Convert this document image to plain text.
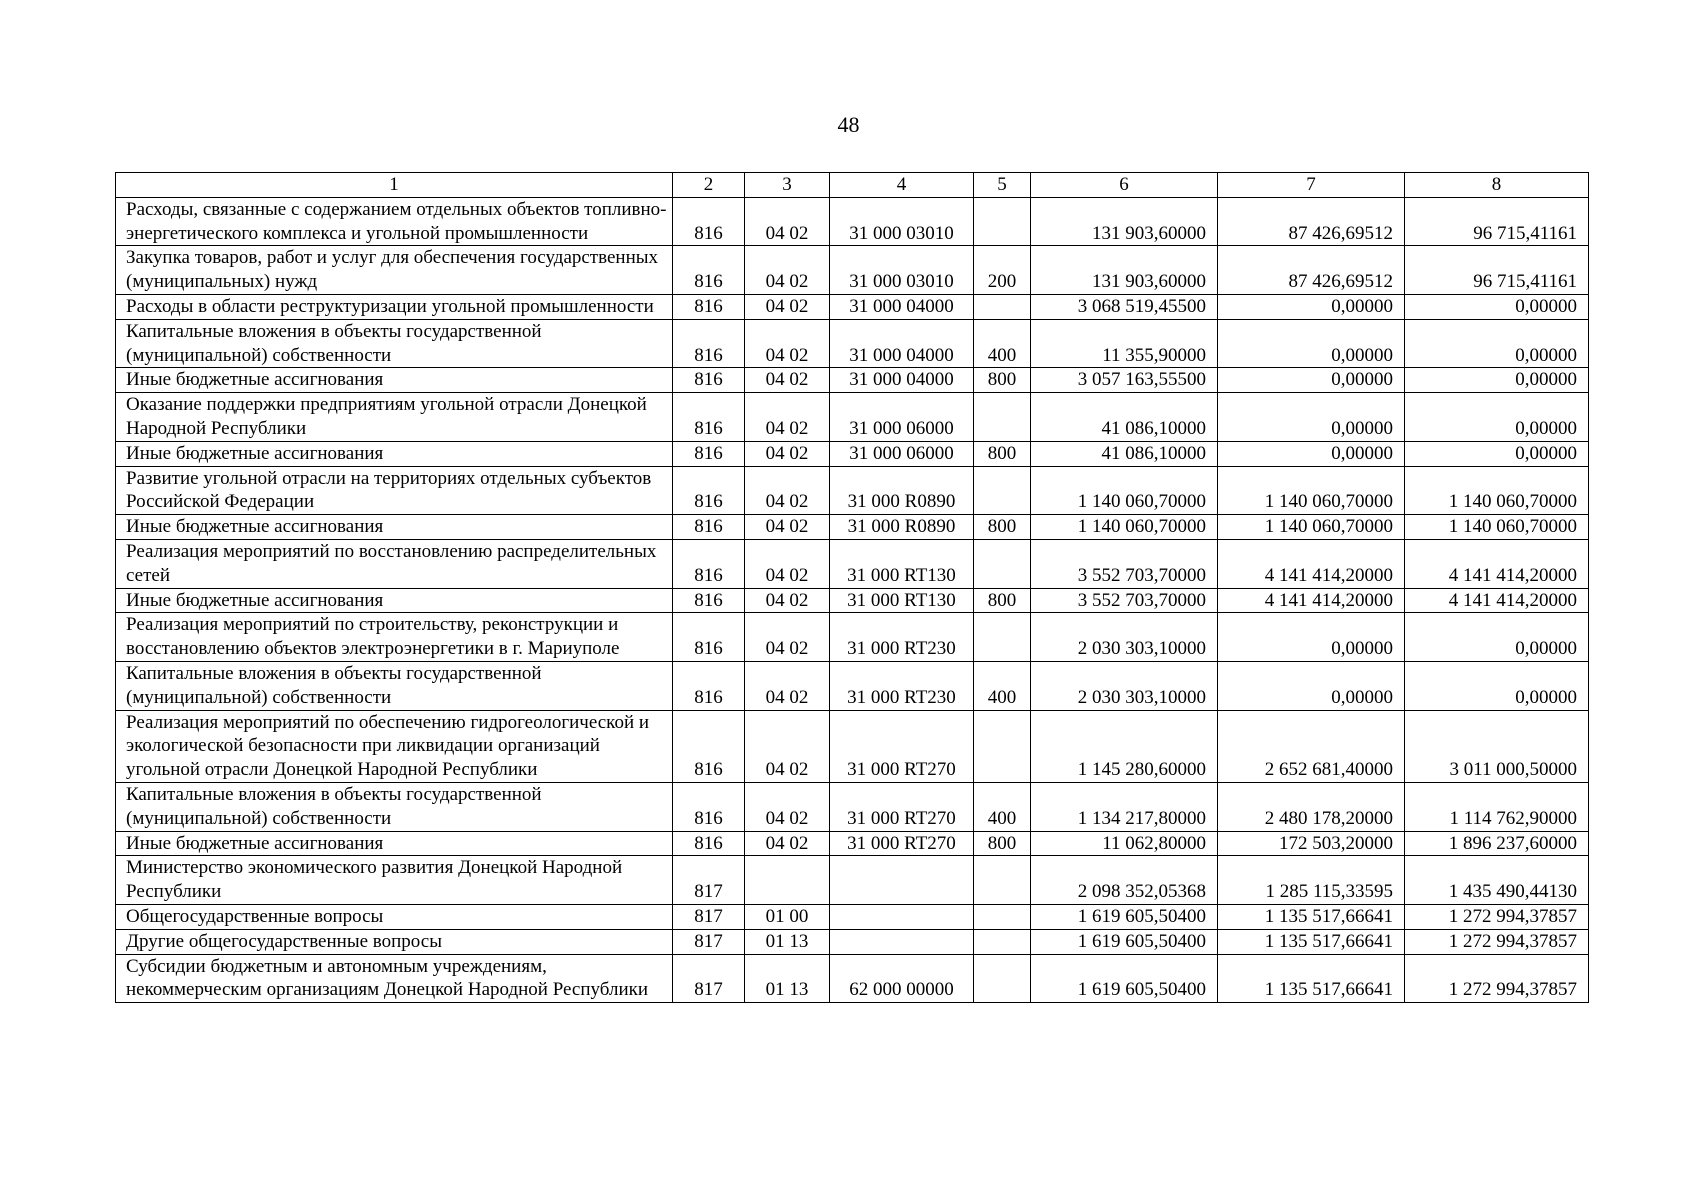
48
1	2	3	4	5	6	7	8
Расходы, связанные с содержанием отдельных объектов топливно-энергетического комплекса и угольной промышленности	816	04 02	31 000 03010		131 903,60000	87 426,69512	96 715,41161
Закупка товаров, работ и услуг для обеспечения государственных (муниципальных) нужд	816	04 02	31 000 03010	200	131 903,60000	87 426,69512	96 715,41161
Расходы в области реструктуризации угольной промышленности	816	04 02	31 000 04000		3 068 519,45500	0,00000	0,00000
Капитальные вложения в объекты государственной (муниципальной) собственности	816	04 02	31 000 04000	400	11 355,90000	0,00000	0,00000
Иные бюджетные ассигнования	816	04 02	31 000 04000	800	3 057 163,55500	0,00000	0,00000
Оказание поддержки предприятиям угольной отрасли Донецкой Народной Республики	816	04 02	31 000 06000		41 086,10000	0,00000	0,00000
Иные бюджетные ассигнования	816	04 02	31 000 06000	800	41 086,10000	0,00000	0,00000
Развитие угольной отрасли на территориях отдельных субъектов Российской Федерации	816	04 02	31 000 R0890		1 140 060,70000	1 140 060,70000	1 140 060,70000
Иные бюджетные ассигнования	816	04 02	31 000 R0890	800	1 140 060,70000	1 140 060,70000	1 140 060,70000
Реализация мероприятий по восстановлению распределительных сетей	816	04 02	31 000 RT130		3 552 703,70000	4 141 414,20000	4 141 414,20000
Иные бюджетные ассигнования	816	04 02	31 000 RT130	800	3 552 703,70000	4 141 414,20000	4 141 414,20000
Реализация мероприятий по строительству, реконструкции и восстановлению объектов электроэнергетики в г. Мариуполе	816	04 02	31 000 RT230		2 030 303,10000	0,00000	0,00000
Капитальные вложения в объекты государственной (муниципальной) собственности	816	04 02	31 000 RT230	400	2 030 303,10000	0,00000	0,00000
Реализация мероприятий по обеспечению гидрогеологической и экологической безопасности при ликвидации организаций угольной отрасли Донецкой Народной Республики	816	04 02	31 000 RT270		1 145 280,60000	2 652 681,40000	3 011 000,50000
Капитальные вложения в объекты государственной (муниципальной) собственности	816	04 02	31 000 RT270	400	1 134 217,80000	2 480 178,20000	1 114 762,90000
Иные бюджетные ассигнования	816	04 02	31 000 RT270	800	11 062,80000	172 503,20000	1 896 237,60000
Министерство экономического развития Донецкой Народной Республики	817				2 098 352,05368	1 285 115,33595	1 435 490,44130
Общегосударственные вопросы	817	01 00			1 619 605,50400	1 135 517,66641	1 272 994,37857
Другие общегосударственные вопросы	817	01 13			1 619 605,50400	1 135 517,66641	1 272 994,37857
Субсидии бюджетным и автономным учреждениям, некоммерческим организациям Донецкой Народной Республики	817	01 13	62 000 00000		1 619 605,50400	1 135 517,66641	1 272 994,37857
